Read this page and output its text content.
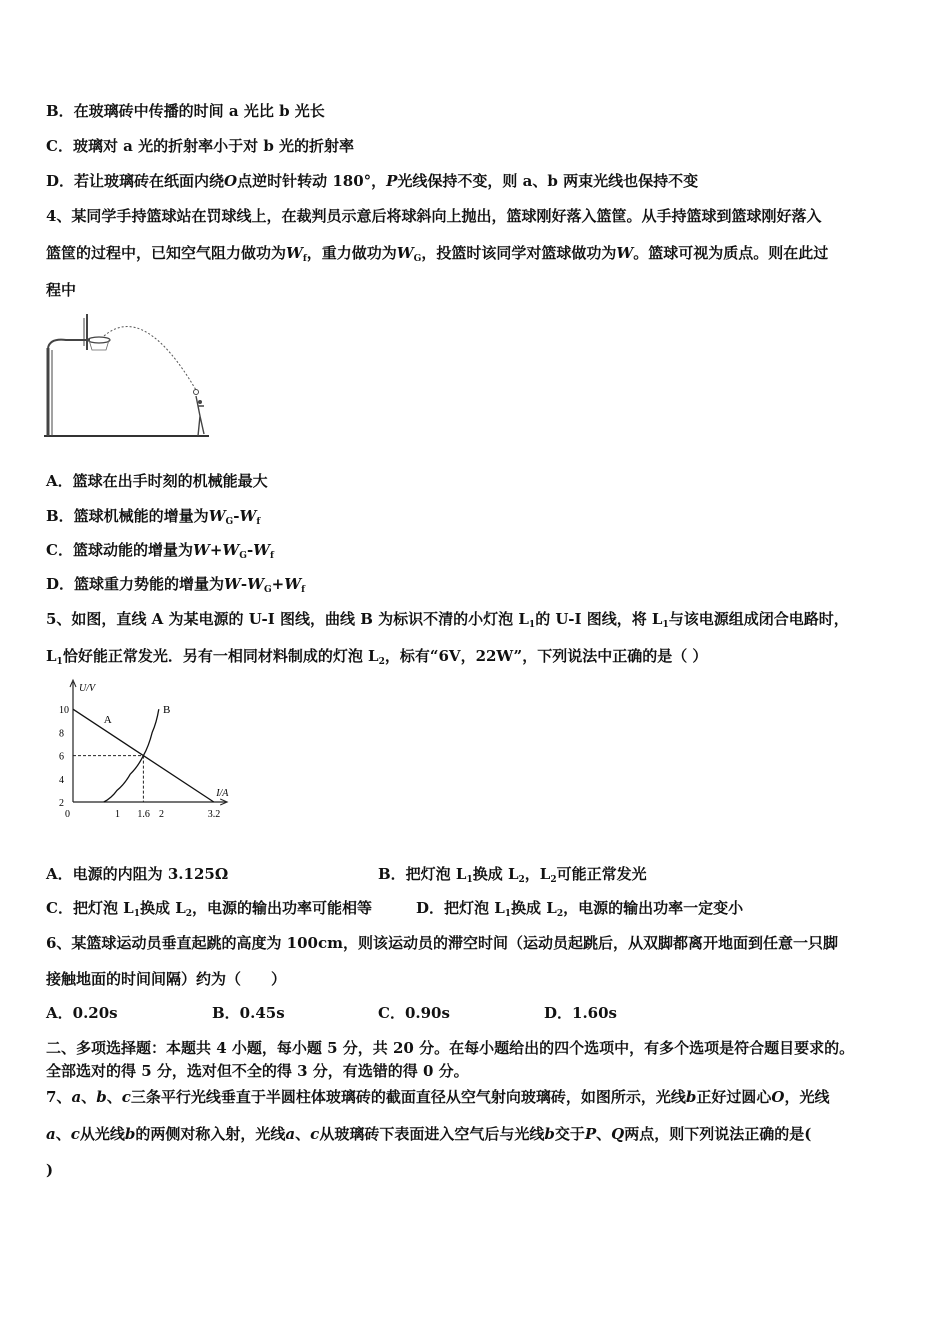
B．在玻璃砖中传播的时间 a 光比 b 光长
C．玻璃对 a 光的折射率小于对 b 光的折射率
D．若让玻璃砖在纸面内绕O点逆时针转动 180°，P光线保持不变，则 a、b 两束光线也保持不变
4、某同学手持篮球站在罚球线上，在裁判员示意后将球斜向上抛出，篮球刚好落入篮筐。从手持篮球到篮球刚好落入
篮筐的过程中，已知空气阻力做功为$W_f$，重力做功为$W_G$，投篮时该同学对篮球做功为W。篮球可视为质点。则在此过
程中
A．篮球在出手时刻的机械能最大
B．篮球机械能的增量为$W_G-W_f$
C．篮球动能的增量为$W+W_G-W_f$
D．篮球重力势能的增量为$W-W_G+W_f$
5、如图，直线 A 为某电源的 U-I 图线，曲线 B 为标识不清的小灯泡 $L_1$的 U-I 图线，将 $L_1$与该电源组成闭合电路时，
$L_1$恰好能正常发光．另有一相同材料制成的灯泡 $L_2$，标有“6V，22W”，下列说法中正确的是（ ）
U/V
I/A
2
4
6
8
10
0	1 1.6 2	3.2
A
B
A．电源的内阻为 3.125Ω	B．把灯泡 $L_1$换成 $L_2$，$L_2$可能正常发光
C．把灯泡 $L_1$换成 $L_2$，电源的输出功率可能相等	D．把灯泡 $L_1$换成 $L_2$，电源的输出功率一定变小
6、某篮球运动员垂直起跳的高度为 100cm，则该运动员的滞空时间（运动员起跳后，从双脚都离开地面到任意一只脚
接触地面的时间间隔）约为（　　）
A．0.20s	B．0.45s	C．0.90s	D．1.60s
二、多项选择题：本题共 4 小题，每小题 5 分，共 20 分。在每小题给出的四个选项中，有多个选项是符合题目要求的。
全部选对的得 5 分，选对但不全的得 3 分，有选错的得 0 分。
7、a、b、c三条平行光线垂直于半圆柱体玻璃砖的截面直径从空气射向玻璃砖，如图所示，光线b正好过圆心O，光线
a、c从光线b的两侧对称入射，光线a、c从玻璃砖下表面进入空气后与光线b交于P、Q两点，则下列说法正确的是(
)
